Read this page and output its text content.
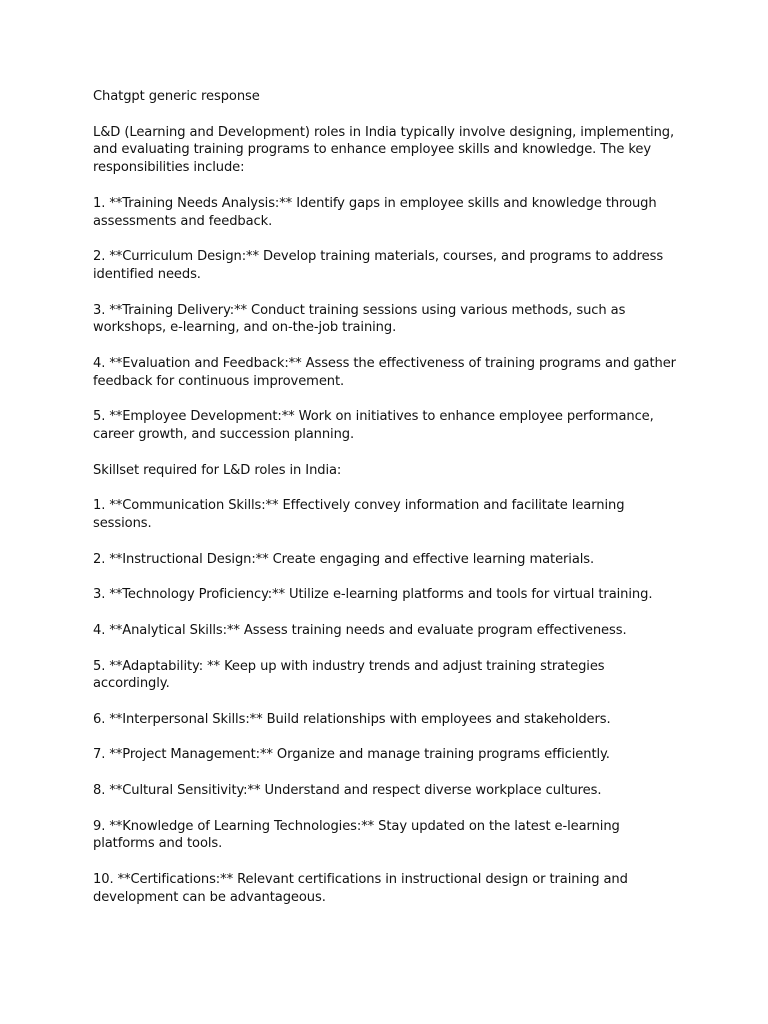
Chatgpt generic response

L&D (Learning and Development) roles in India typically involve designing, implementing, and evaluating training programs to enhance employee skills and knowledge. The key responsibilities include:

1. **Training Needs Analysis:** Identify gaps in employee skills and knowledge through assessments and feedback.

2. **Curriculum Design:** Develop training materials, courses, and programs to address identified needs.

3. **Training Delivery:** Conduct training sessions using various methods, such as workshops, e-learning, and on-the-job training.

4. **Evaluation and Feedback:** Assess the effectiveness of training programs and gather feedback for continuous improvement.

5. **Employee Development:** Work on initiatives to enhance employee performance, career growth, and succession planning.

Skillset required for L&D roles in India:

1. **Communication Skills:** Effectively convey information and facilitate learning sessions.

2. **Instructional Design:** Create engaging and effective learning materials.

3. **Technology Proficiency:** Utilize e-learning platforms and tools for virtual training.

4. **Analytical Skills:** Assess training needs and evaluate program effectiveness.

5. **Adaptability: ** Keep up with industry trends and adjust training strategies accordingly.

6. **Interpersonal Skills:** Build relationships with employees and stakeholders.

7. **Project Management:** Organize and manage training programs efficiently.

8. **Cultural Sensitivity:** Understand and respect diverse workplace cultures.

9. **Knowledge of Learning Technologies:** Stay updated on the latest e-learning platforms and tools.

10. **Certifications:** Relevant certifications in instructional design or training and development can be advantageous.
